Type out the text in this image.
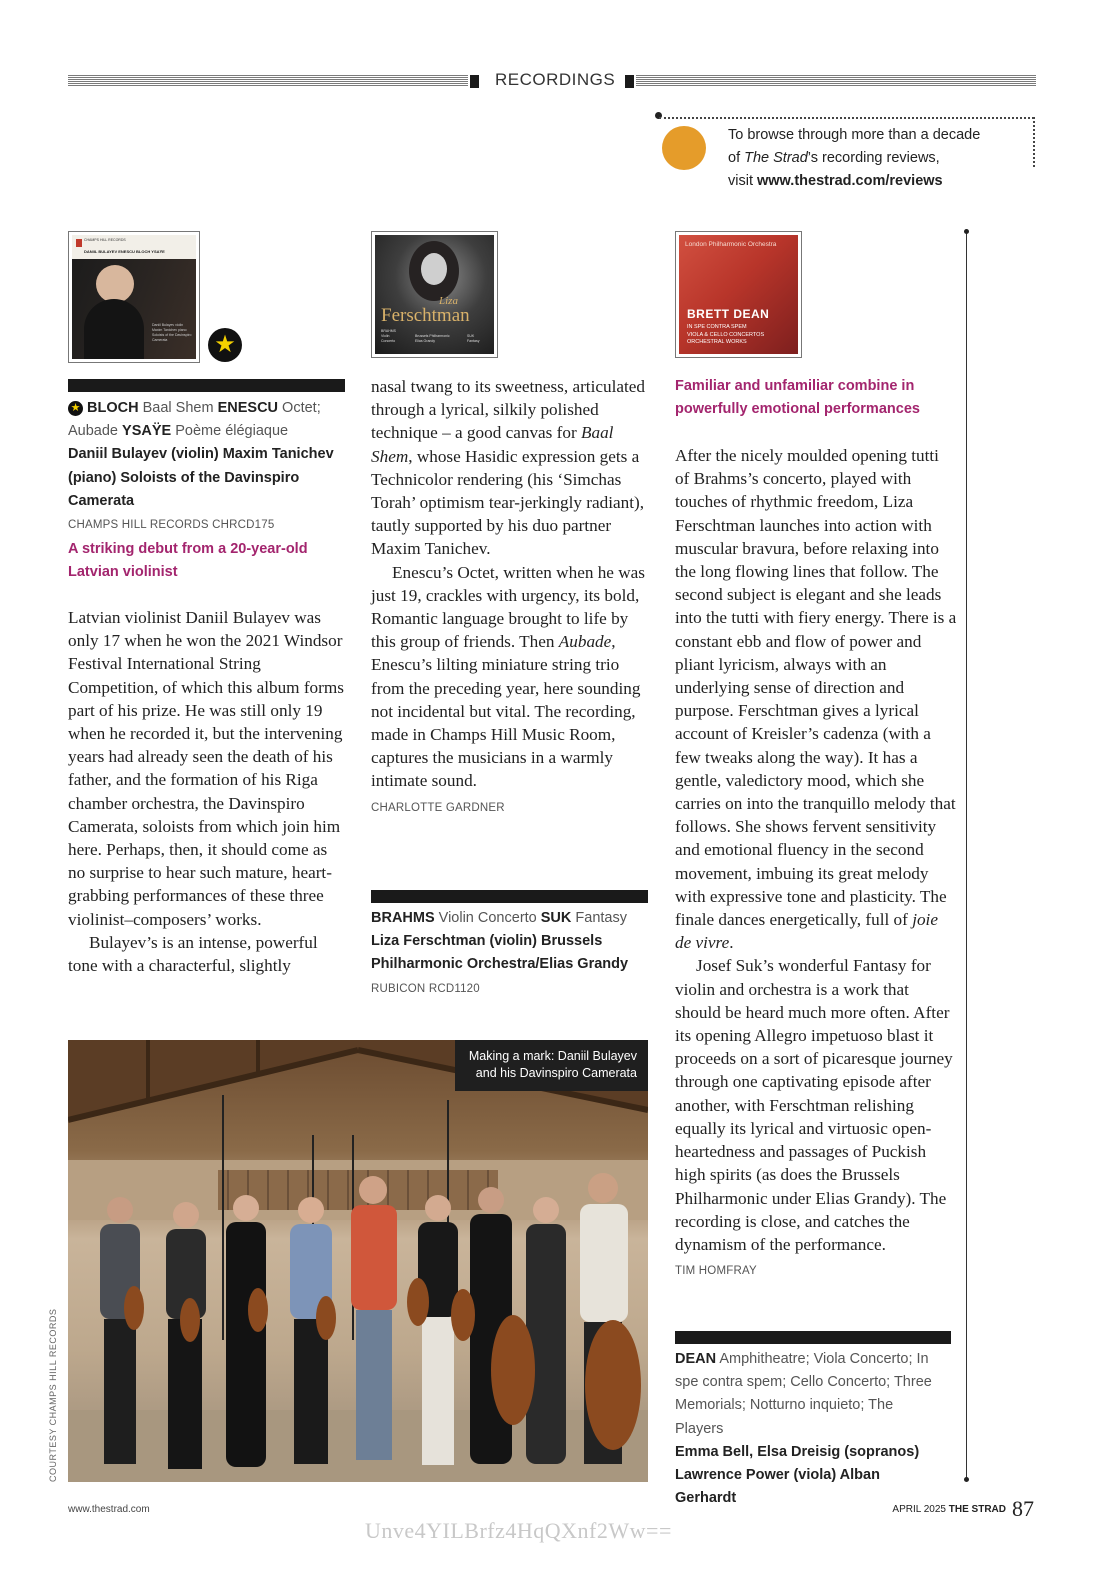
RECORDINGS
To browse through more than a decade
of The Strad’s recording reviews,
visit www.thestrad.com/reviews
CHAMPS HILL RECORDS
DANIIL BULAYEV ENESCU BLOCH YSAŸE
Daniil Bulayev violin
Maxim Tanichev piano
Soloists of the Davinspiro Camerata	★
Liza
Ferschtman
BRAHMS
Violin
Concerto
Brussels Philharmonic
Elias Grandy
SUK
Fantasy
London Philharmonic Orchestra
BRETT DEAN
IN SPE CONTRA SPEM
VIOLA & CELLO CONCERTOS
ORCHESTRAL WORKS
★ BLOCH Baal Shem ENESCU Octet; Aubade YSAŸE Poème élégiaque
Daniil Bulayev (violin) Maxim Tanichev (piano) Soloists of the Davinspiro Camerata
CHAMPS HILL RECORDS CHRCD175
A striking debut from a 20-year-old Latvian violinist

Latvian violinist Daniil Bulayev was only 17 when he won the 2021 Windsor Festival International String Competition, of which this album forms part of his prize. He was still only 19 when he recorded it, but the intervening years had already seen the death of his father, and the formation of his Riga chamber orchestra, the Davinspiro Camerata, soloists from which join him here. Perhaps, then, it should come as no surprise to hear such mature, heart-grabbing performances of these three violinist–composers’ works.

Bulayev’s is an intense, powerful tone with a characterful, slightly

nasal twang to its sweetness, articulated through a lyrical, silkily polished technique – a good canvas for Baal Shem, whose Hasidic expression gets a Technicolor rendering (his ‘Simchas Torah’ optimism tear-jerkingly radiant), tautly supported by his duo partner Maxim Tanichev.

Enescu’s Octet, written when he was just 19, crackles with urgency, its bold, Romantic language brought to life by this group of friends. Then Aubade, Enescu’s lilting miniature string trio from the preceding year, here sounding not incidental but vital. The recording, made in Champs Hill Music Room, captures the musicians in a warmly intimate sound.

CHARLOTTE GARDNER
BRAHMS Violin Concerto SUK Fantasy
Liza Ferschtman (violin) Brussels Philharmonic Orchestra/Elias Grandy
RUBICON RCD1120
Familiar and unfamiliar combine in powerfully emotional performances

After the nicely moulded opening tutti of Brahms’s concerto, played with touches of rhythmic freedom, Liza Ferschtman launches into action with muscular bravura, before relaxing into the long flowing lines that follow. The second subject is elegant and she leads into the tutti with fiery energy. There is a constant ebb and flow of power and pliant lyricism, always with an underlying sense of direction and purpose. Ferschtman gives a lyrical account of Kreisler’s cadenza (with a few tweaks along the way). It has a gentle, valedictory mood, which she carries on into the tranquillo melody that follows. She shows fervent sensitivity and emotional fluency in the second movement, imbuing its great melody with expressive tone and plasticity. The finale dances energetically, full of joie de vivre.

Josef Suk’s wonderful Fantasy for violin and orchestra is a work that should be heard much more often. After its opening Allegro impetuoso blast it proceeds on a sort of picaresque journey through one captivating episode after another, with Ferschtman relishing equally its lyrical and virtuosic open-heartedness and passages of Puckish high spirits (as does the Brussels Philharmonic under Elias Grandy). The recording is close, and catches the dynamism of the performance.

TIM HOMFRAY
DEAN Amphitheatre; Viola Concerto; In spe contra spem; Cello Concerto; Three Memorials; Notturno inquieto; The Players
Emma Bell, Elsa Dreisig (sopranos) Lawrence Power (viola) Alban Gerhardt
Making a mark: Daniil Bulayev
and his Davinspiro Camerata
COURTESY CHAMPS HILL RECORDS
www.thestrad.com	APRIL 2025 THE STRAD 87
Unve4YILBrfz4HqQXnf2Ww==
